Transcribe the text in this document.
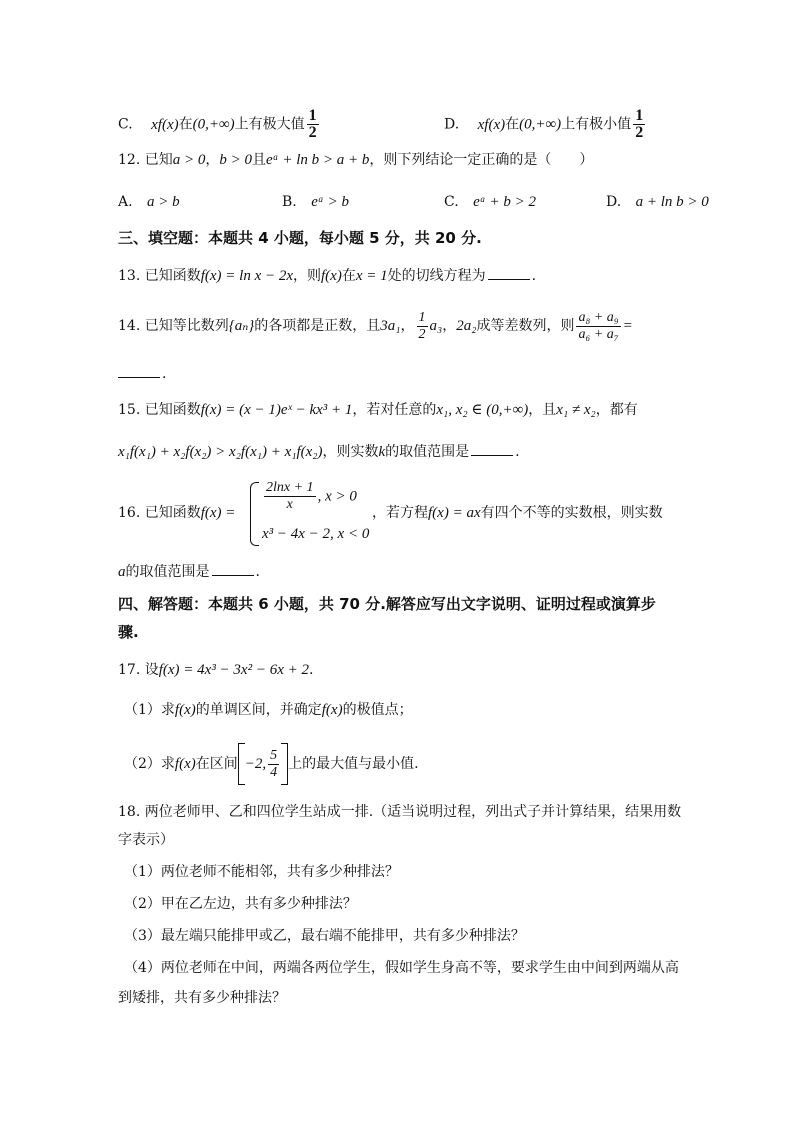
C. xf(x)在(0,+∞)上有极大值 $\frac{1}{2}$	D. xf(x)在(0,+∞)上有极小值 $\frac{1}{2}$
12. 已知a > 0，b > 0且eᵃ + ln b > a + b，则下列结论一定正确的是（　　）
A. a > b	B. eᵃ > b	C. eᵃ + b > 2	D. a + ln b > 0
三、填空题：本题共 4 小题，每小题 5 分，共 20 分.
13. 已知函数f(x) = ln x − 2x，则f(x)在x = 1处的切线方程为	.
14. 已知等比数列{aₙ}的各项都是正数，且3a₁， $\frac{1}{2} a_3$，2a₂成等差数列，则 $\frac{\text{a₈ + a₉}}{\text{a₆ + a₇}}$ =
.
15. 已知函数f(x) = (x − 1)eˣ − kx³ + 1，若对任意的x₁, x₂ ∈ (0,+∞)，且x₁ ≠ x₂，都有
x₁f(x₁) + x₂f(x₂) > x₂f(x₁) + x₁f(x₂)，则实数k的取值范围是	.
16. 已知函数$f(x) = \frac{2\ln x + 1}{x}$ , x > 0
x³ − 4x − 2, x < 0
，若方程f(x) = ax有四个不等的实数根，则实数
a的取值范围是	.
四、解答题：本题共 6 小题，共 70 分.解答应写出文字说明、证明过程或演算步
骤.
17. 设f(x) = 4x³ − 3x² − 6x + 2.
（1）求f(x)的单调区间，并确定f(x)的极值点；
（2）求f(x)在区间 −2, $\frac{5}{4}$ 上的最大值与最小值.
18. 两位老师甲、乙和四位学生站成一排.（适当说明过程，列出式子并计算结果，结果用数
字表示）
（1）两位老师不能相邻，共有多少种排法？
（2）甲在乙左边，共有多少种排法？
（3）最左端只能排甲或乙，最右端不能排甲，共有多少种排法？
（4）两位老师在中间，两端各两位学生，假如学生身高不等，要求学生由中间到两端从高
到矮排，共有多少种排法？
